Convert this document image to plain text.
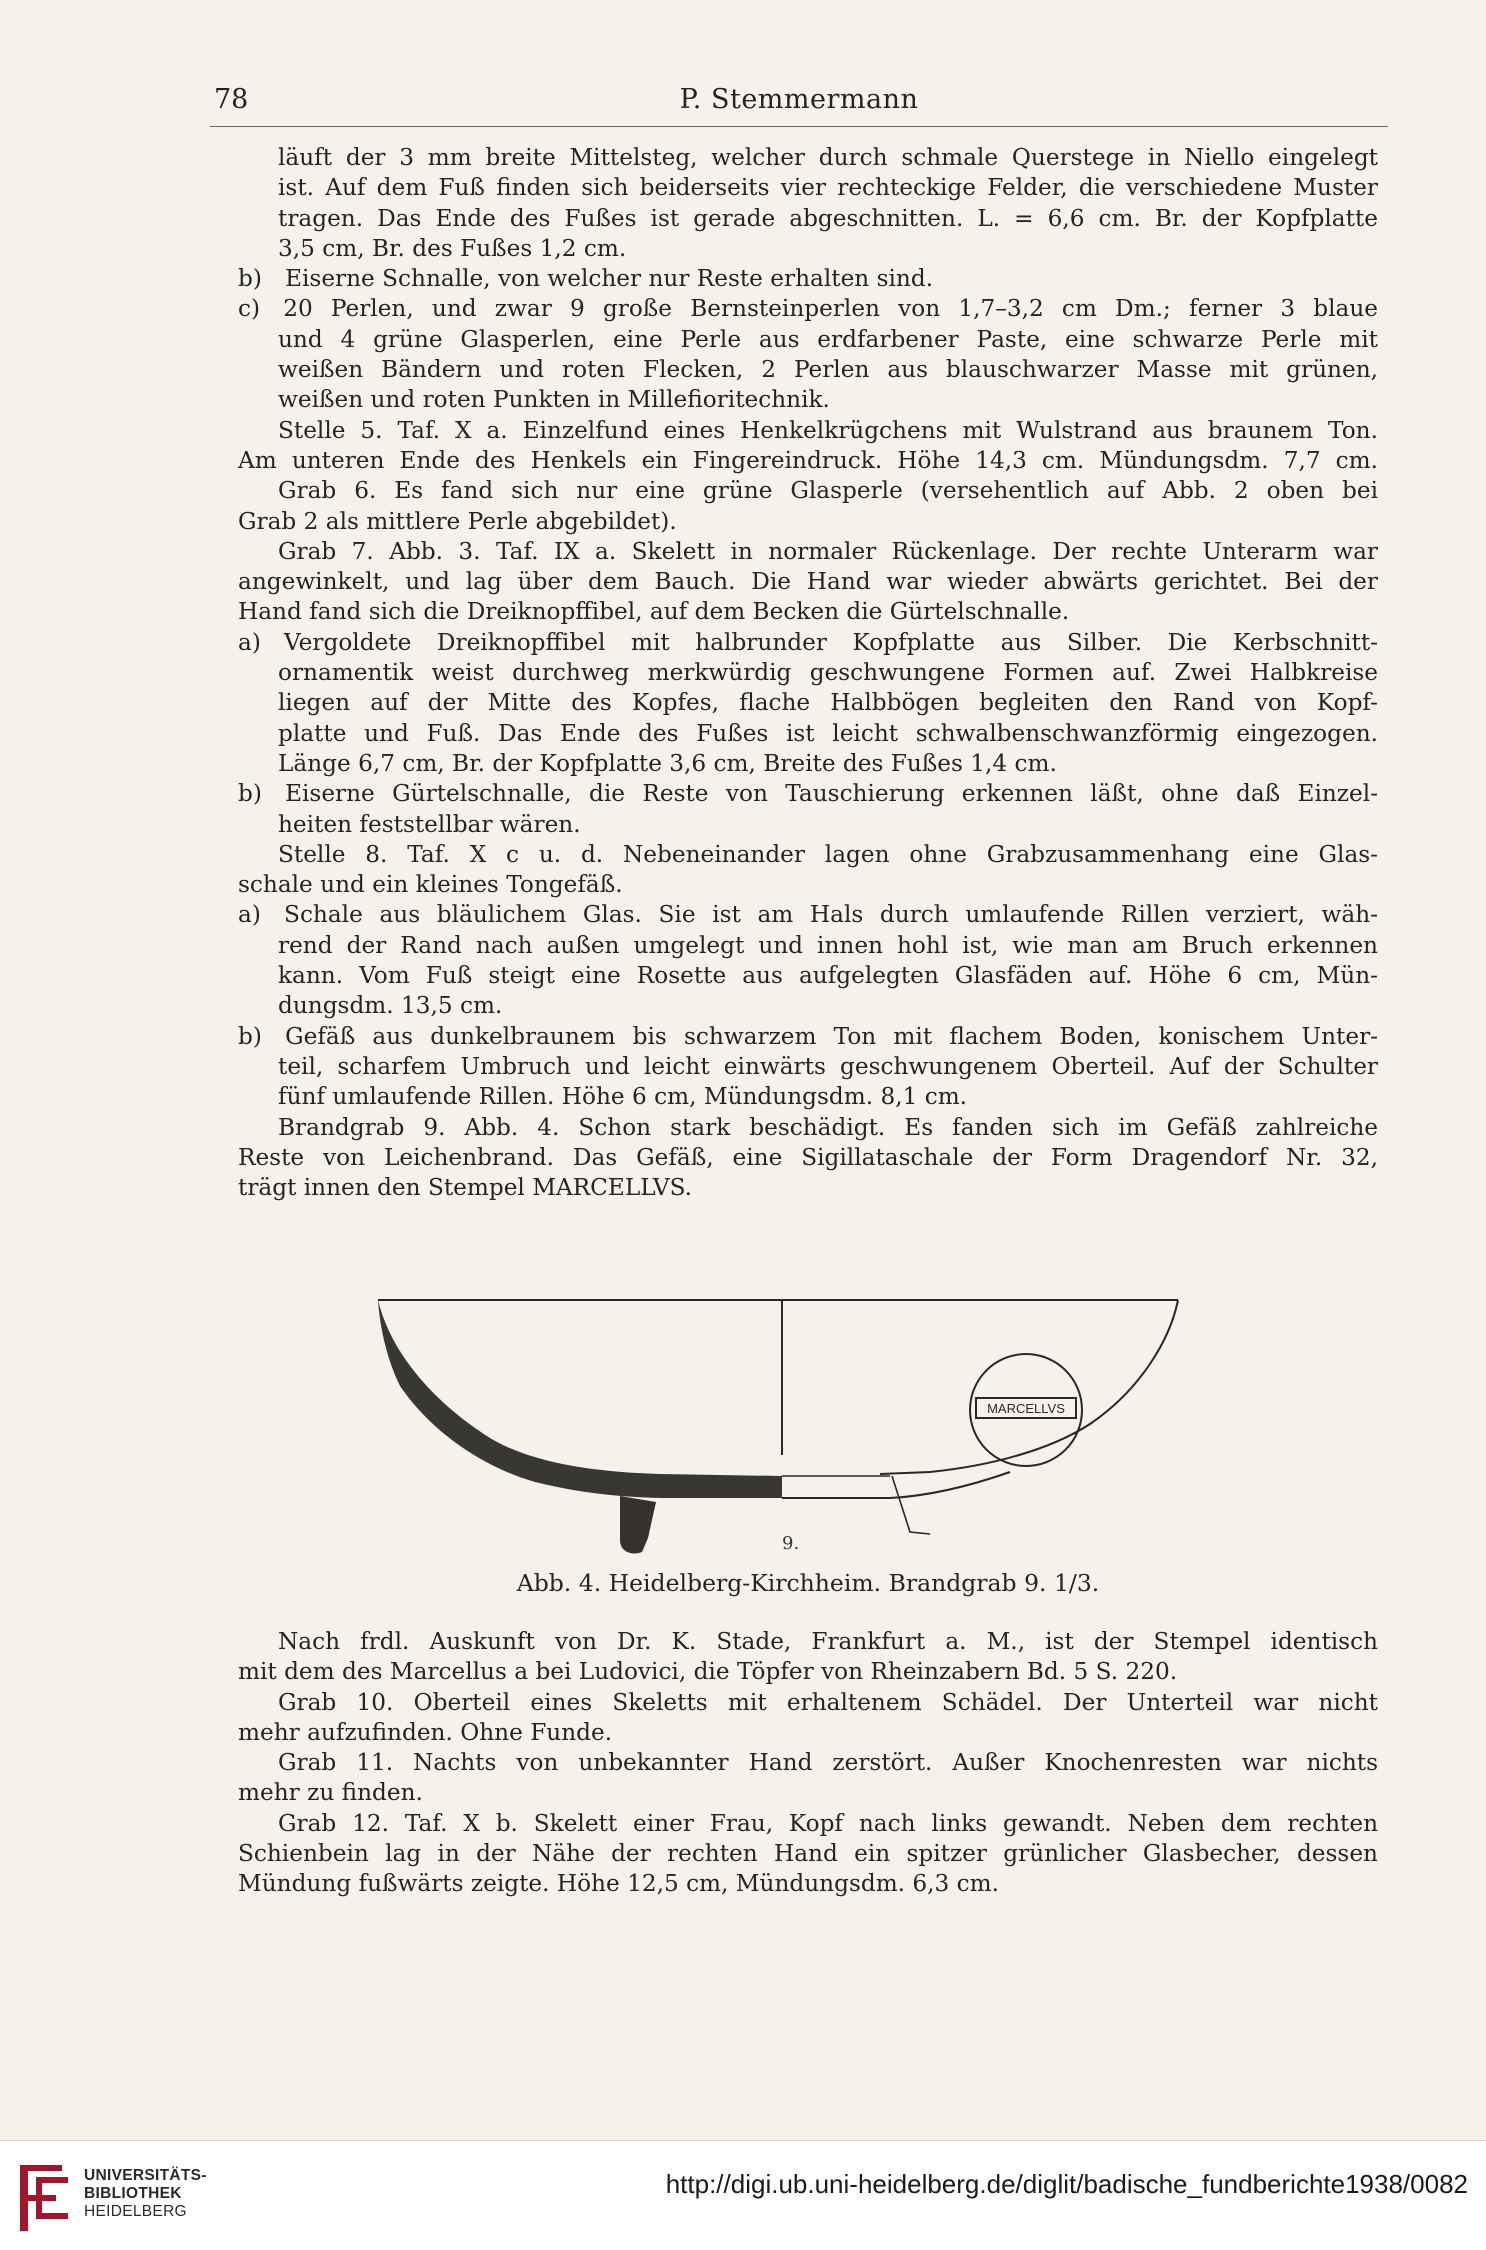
78	P. Stemmermann
läuft der 3 mm breite Mittelsteg, welcher durch schmale Querstege in Niello eingelegt
ist. Auf dem Fuß finden sich beiderseits vier rechteckige Felder, die verschiedene Muster
tragen. Das Ende des Fußes ist gerade abgeschnitten. L. = 6,6 cm. Br. der Kopfplatte
3,5 cm, Br. des Fußes 1,2 cm.
b) Eiserne Schnalle, von welcher nur Reste erhalten sind.
c) 20 Perlen, und zwar 9 große Bernsteinperlen von 1,7–3,2 cm Dm.; ferner 3 blaue
und 4 grüne Glasperlen, eine Perle aus erdfarbener Paste, eine schwarze Perle mit
weißen Bändern und roten Flecken, 2 Perlen aus blauschwarzer Masse mit grünen,
weißen und roten Punkten in Millefioritechnik.
Stelle 5. Taf. X a. Einzelfund eines Henkelkrügchens mit Wulstrand aus braunem Ton.
Am unteren Ende des Henkels ein Fingereindruck. Höhe 14,3 cm. Mündungsdm. 7,7 cm.
Grab 6. Es fand sich nur eine grüne Glasperle (versehentlich auf Abb. 2 oben bei
Grab 2 als mittlere Perle abgebildet).
Grab 7. Abb. 3. Taf. IX a. Skelett in normaler Rückenlage. Der rechte Unterarm war
angewinkelt, und lag über dem Bauch. Die Hand war wieder abwärts gerichtet. Bei der
Hand fand sich die Dreiknopffibel, auf dem Becken die Gürtelschnalle.
a) Vergoldete Dreiknopffibel mit halbrunder Kopfplatte aus Silber. Die Kerbschnitt-
ornamentik weist durchweg merkwürdig geschwungene Formen auf. Zwei Halbkreise
liegen auf der Mitte des Kopfes, flache Halbbögen begleiten den Rand von Kopf-
platte und Fuß. Das Ende des Fußes ist leicht schwalbenschwanzförmig eingezogen.
Länge 6,7 cm, Br. der Kopfplatte 3,6 cm, Breite des Fußes 1,4 cm.
b) Eiserne Gürtelschnalle, die Reste von Tauschierung erkennen läßt, ohne daß Einzel-
heiten feststellbar wären.
Stelle 8. Taf. X c u. d. Nebeneinander lagen ohne Grabzusammenhang eine Glas-
schale und ein kleines Tongefäß.
a) Schale aus bläulichem Glas. Sie ist am Hals durch umlaufende Rillen verziert, wäh-
rend der Rand nach außen umgelegt und innen hohl ist, wie man am Bruch erkennen
kann. Vom Fuß steigt eine Rosette aus aufgelegten Glasfäden auf. Höhe 6 cm, Mün-
dungsdm. 13,5 cm.
b) Gefäß aus dunkelbraunem bis schwarzem Ton mit flachem Boden, konischem Unter-
teil, scharfem Umbruch und leicht einwärts geschwungenem Oberteil. Auf der Schulter
fünf umlaufende Rillen. Höhe 6 cm, Mündungsdm. 8,1 cm.
Brandgrab 9. Abb. 4. Schon stark beschädigt. Es fanden sich im Gefäß zahlreiche
Reste von Leichenbrand. Das Gefäß, eine Sigillataschale der Form Dragendorf Nr. 32,
trägt innen den Stempel MARCELLVS.
MARCELLVS
9.
Abb. 4. Heidelberg-Kirchheim. Brandgrab 9. 1/3.
Nach frdl. Auskunft von Dr. K. Stade, Frankfurt a. M., ist der Stempel identisch
mit dem des Marcellus a bei Ludovici, die Töpfer von Rheinzabern Bd. 5 S. 220.
Grab 10. Oberteil eines Skeletts mit erhaltenem Schädel. Der Unterteil war nicht
mehr aufzufinden. Ohne Funde.
Grab 11. Nachts von unbekannter Hand zerstört. Außer Knochenresten war nichts
mehr zu finden.
Grab 12. Taf. X b. Skelett einer Frau, Kopf nach links gewandt. Neben dem rechten
Schienbein lag in der Nähe der rechten Hand ein spitzer grünlicher Glasbecher, dessen
Mündung fußwärts zeigte. Höhe 12,5 cm, Mündungsdm. 6,3 cm.
UNIVERSITÄTS-
BIBLIOTHEK
HEIDELBERG
http://digi.ub.uni-heidelberg.de/diglit/badische_fundberichte1938/0082
